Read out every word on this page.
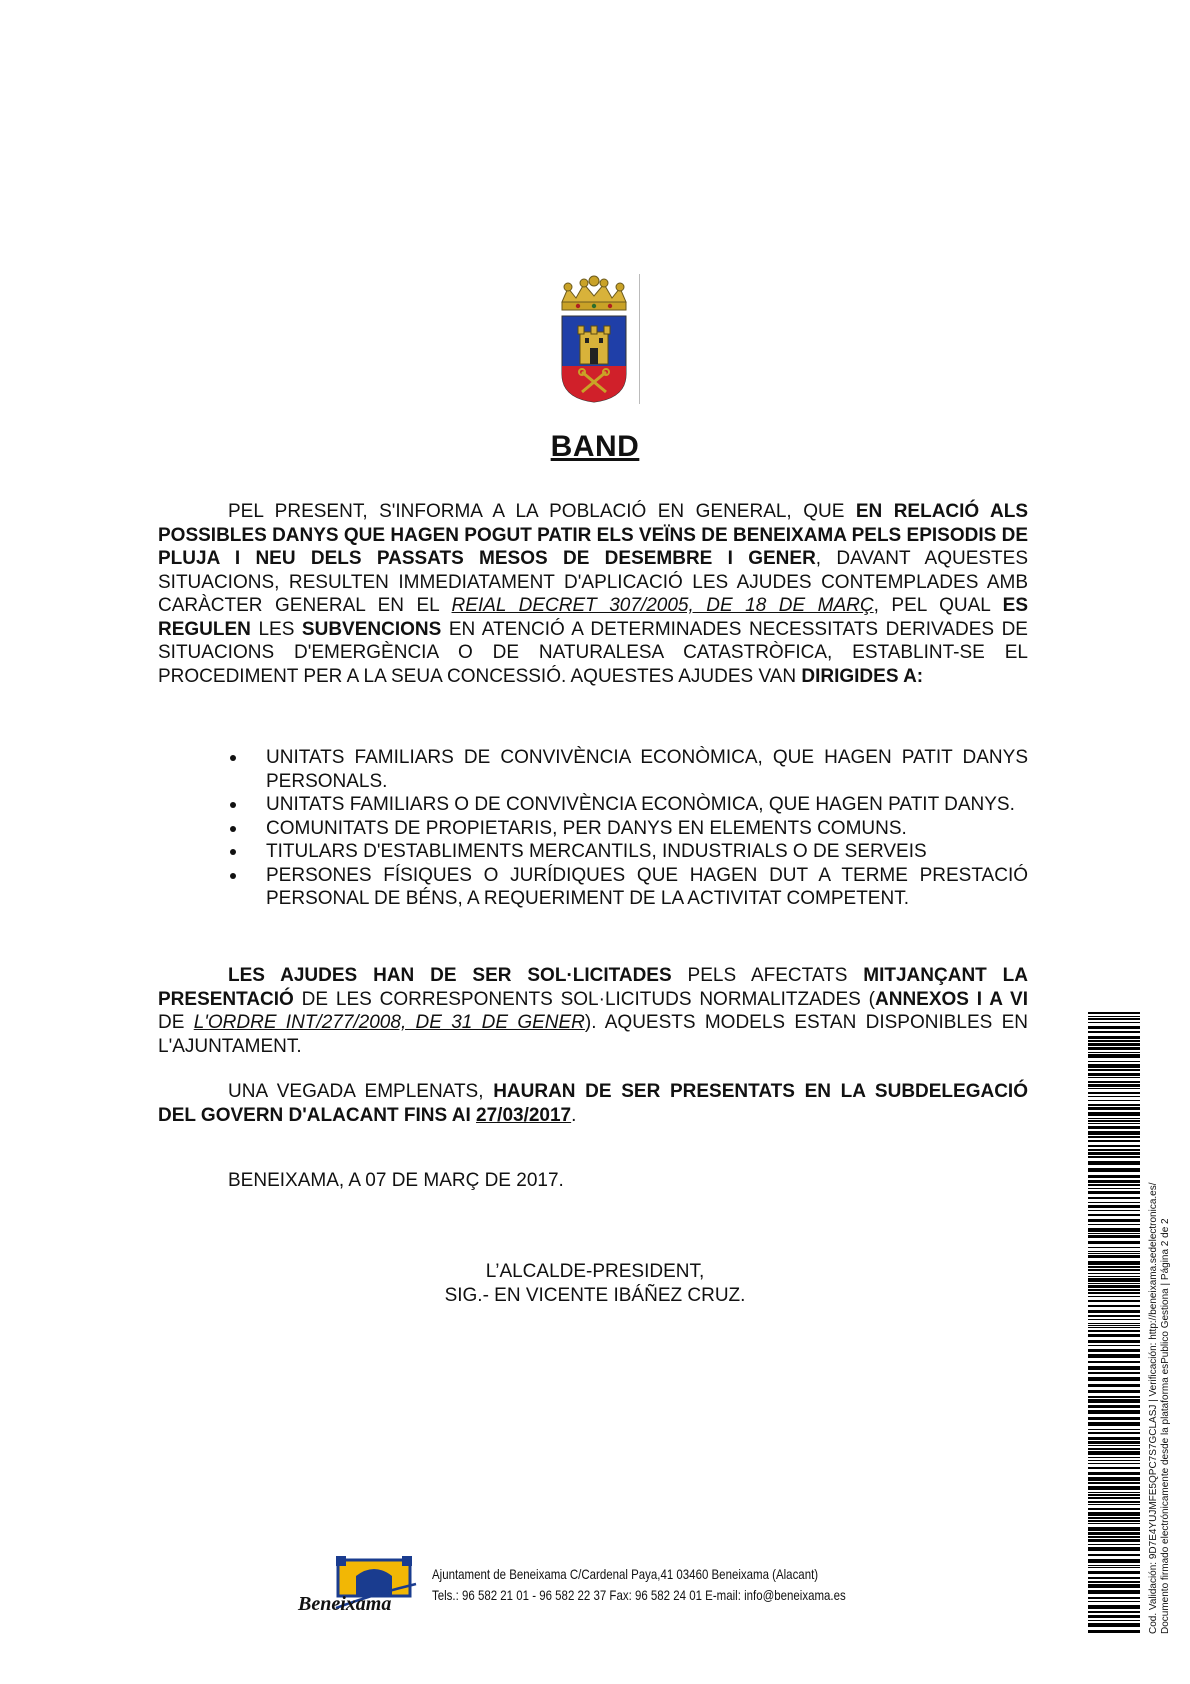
BAND

PEL PRESENT, S'INFORMA A LA POBLACIÓ EN GENERAL, QUE EN RELACIÓ ALS POSSIBLES DANYS QUE HAGEN POGUT PATIR ELS VEÏNS DE BENEIXAMA PELS EPISODIS DE PLUJA I NEU DELS PASSATS MESOS DE DESEMBRE I GENER, DAVANT AQUESTES SITUACIONS, RESULTEN IMMEDIATAMENT D'APLICACIÓ LES AJUDES CONTEMPLADES AMB CARÀCTER GENERAL EN EL REIAL DECRET 307/2005, DE 18 DE MARÇ, PEL QUAL ES REGULEN LES SUBVENCIONS EN ATENCIÓ A DETERMINADES NECESSITATS DERIVADES DE SITUACIONS D'EMERGÈNCIA O DE NATURALESA CATASTRÒFICA, ESTABLINT-SE EL PROCEDIMENT PER A LA SEUA CONCESSIÓ. AQUESTES AJUDES VAN DIRIGIDES A:

UNITATS FAMILIARS DE CONVIVÈNCIA ECONÒMICA, QUE HAGEN PATIT DANYS PERSONALS.
UNITATS FAMILIARS O DE CONVIVÈNCIA ECONÒMICA, QUE HAGEN PATIT DANYS.
COMUNITATS DE PROPIETARIS, PER DANYS EN ELEMENTS COMUNS.
TITULARS D'ESTABLIMENTS MERCANTILS, INDUSTRIALS O DE SERVEIS
PERSONES FÍSIQUES O JURÍDIQUES QUE HAGEN DUT A TERME PRESTACIÓ PERSONAL DE BÉNS, A REQUERIMENT DE LA ACTIVITAT COMPETENT.

LES AJUDES HAN DE SER SOL·LICITADES PELS AFECTATS MITJANÇANT LA PRESENTACIÓ DE LES CORRESPONENTS SOL·LICITUDS NORMALITZADES (ANNEXOS I A VI DE L'ORDRE INT/277/2008, DE 31 DE GENER). AQUESTS MODELS ESTAN DISPONIBLES EN L'AJUNTAMENT.

UNA VEGADA EMPLENATS, HAURAN DE SER PRESENTATS EN LA SUBDELEGACIÓ DEL GOVERN D'ALACANT FINS AI 27/03/2017.

BENEIXAMA, A 07 DE MARÇ DE 2017.
L’ALCALDE-PRESIDENT,
SIG.- EN VICENTE IBÁÑEZ CRUZ.
Beneixama
Ajuntament de Beneixama C/Cardenal Paya,41 03460 Beneixama (Alacant)
Tels.: 96 582 21 01 - 96 582 22 37 Fax: 96 582 24 01 E-mail: info@beneixama.es	Cod. Validación: 9D7E4YUJMFE5QPC7S7GCLASJ | Verificación: http://beneixama.sedelectronica.es/ Documento firmado electrónicamente desde la plataforma esPublico Gestiona | Página 2 de 2
